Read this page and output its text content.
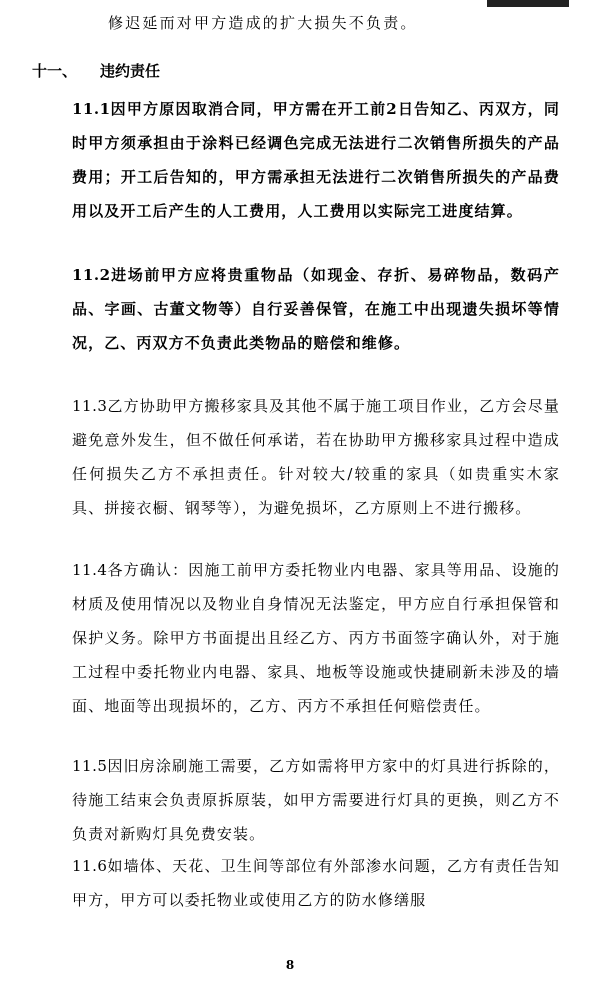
修迟延而对甲方造成的扩大损失不负责。
十一、 违约责任
11.1因甲方原因取消合同，甲方需在开工前2日告知乙、丙双方，同时甲方须承担由于涂料已经调色完成无法进行二次销售所损失的产品费用；开工后告知的，甲方需承担无法进行二次销售所损失的产品费用以及开工后产生的人工费用，人工费用以实际完工进度结算。
11.2进场前甲方应将贵重物品（如现金、存折、易碎物品，数码产品、字画、古董文物等）自行妥善保管，在施工中出现遗失损坏等情况，乙、丙双方不负责此类物品的赔偿和维修。
11.3乙方协助甲方搬移家具及其他不属于施工项目作业，乙方会尽量避免意外发生，但不做任何承诺，若在协助甲方搬移家具过程中造成任何损失乙方不承担责任。针对较大/较重的家具（如贵重实木家具、拼接衣橱、钢琴等），为避免损坏，乙方原则上不进行搬移。
11.4各方确认：因施工前甲方委托物业内电器、家具等用品、设施的材质及使用情况以及物业自身情况无法鉴定，甲方应自行承担保管和保护义务。除甲方书面提出且经乙方、丙方书面签字确认外，对于施工过程中委托物业内电器、家具、地板等设施或快捷刷新未涉及的墙面、地面等出现损坏的，乙方、丙方不承担任何赔偿责任。
11.5因旧房涂刷施工需要，乙方如需将甲方家中的灯具进行拆除的，待施工结束会负责原拆原装，如甲方需要进行灯具的更换，则乙方不负责对新购灯具免费安装。
11.6如墙体、天花、卫生间等部位有外部渗水问题，乙方有责任告知甲方，甲方可以委托物业或使用乙方的防水修缮服
8
